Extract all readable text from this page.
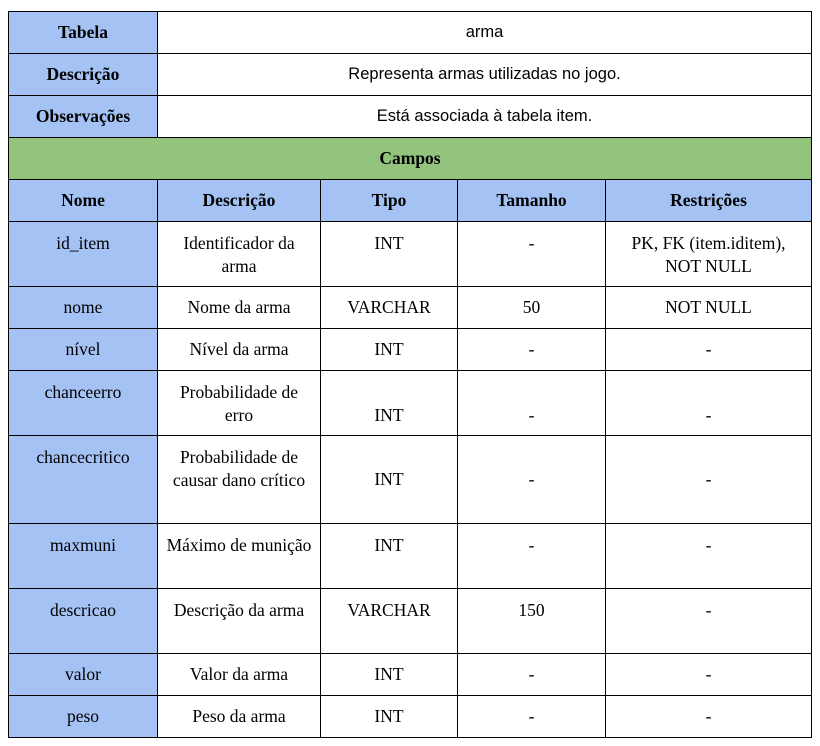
Tabela	arma			
Descrição	Representa armas utilizadas no jogo.			
Observações	Está associada à tabela item.			
Campos				
Nome	Descrição	Tipo	Tamanho	Restrições
id_item	Identificador da arma	INT	-	PK, FK (item.iditem), NOT NULL
nome	Nome da arma	VARCHAR	50	NOT NULL
nível	Nível da arma	INT	-	-
chanceerro	Probabilidade de erro	INT	-	-
chancecritico	Probabilidade de causar dano crítico	INT	-	-
maxmuni	Máximo de munição	INT	-	-
descricao	Descrição da arma	VARCHAR	150	-
valor	Valor da arma	INT	-	-
peso	Peso da arma	INT	-	-
